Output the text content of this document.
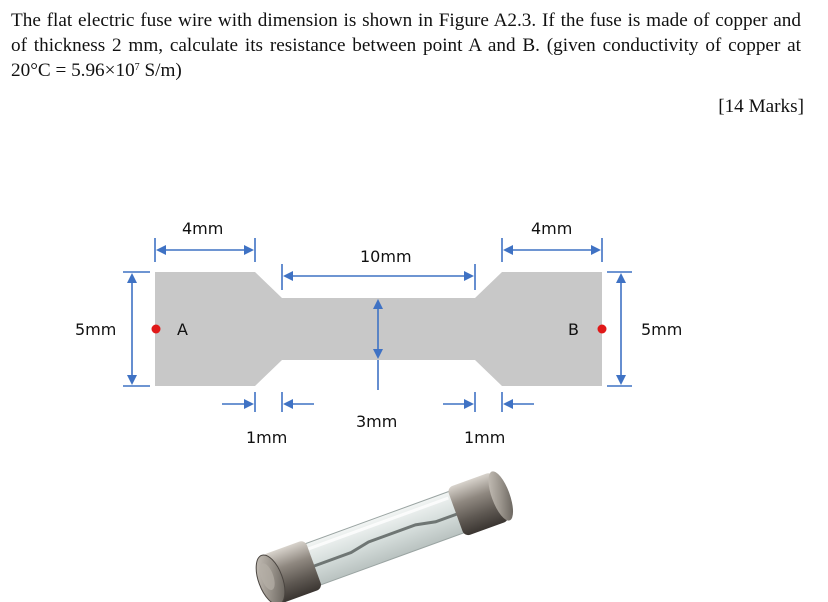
The flat electric fuse wire with dimension is shown in Figure A2.3. If the fuse is made of copper and of thickness 2 mm, calculate its resistance between point A and B. (given conductivity of copper at $20^\circ C = 5.96\times 10^7$ S/m)
[14 Marks]
4mm	4mm
10mm
5mm	5mm
3mm
1mm	1mm
A	B
